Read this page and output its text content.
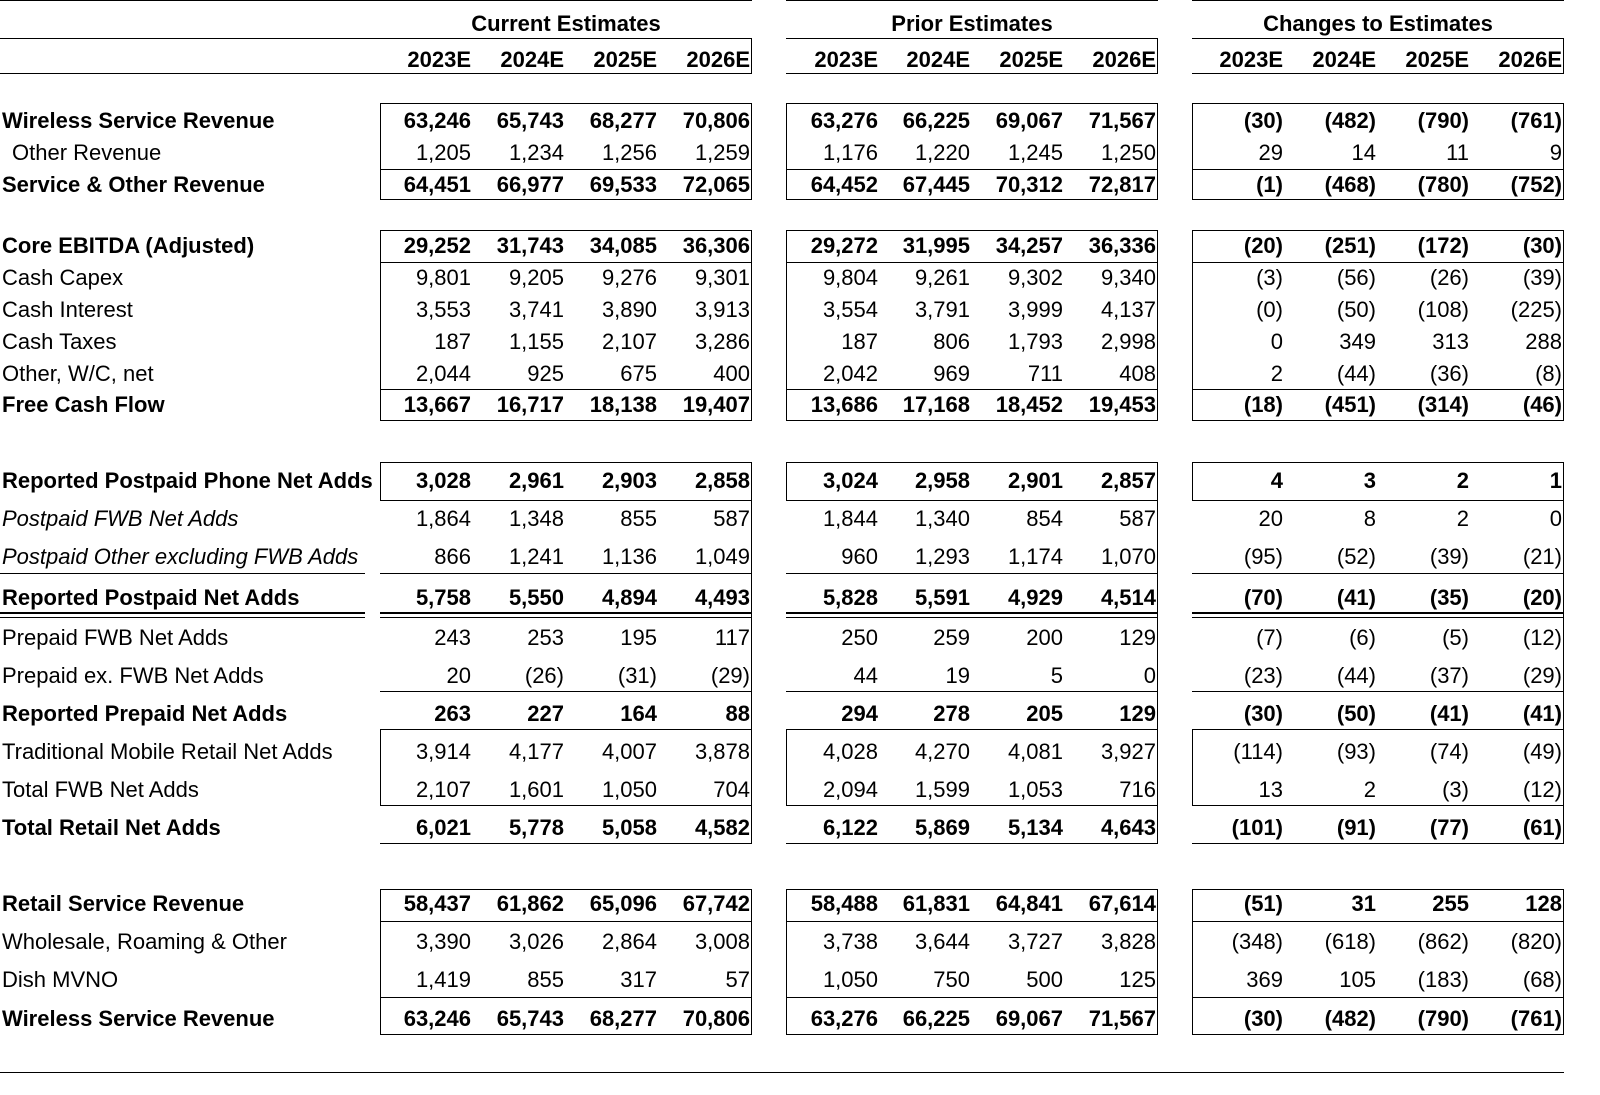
Current Estimates	Prior Estimates	Changes to Estimates
2023E	2024E	2025E	2026E	2023E	2024E	2025E	2026E	2023E	2024E	2025E	2026E
Wireless Service Revenue	63,246	65,743	68,277	70,806	63,276	66,225	69,067	71,567	(30)	(482)	(790)	(761)
Other Revenue	1,205	1,234	1,256	1,259	1,176	1,220	1,245	1,250	29	14	11	9
Service & Other Revenue	64,451	66,977	69,533	72,065	64,452	67,445	70,312	72,817	(1)	(468)	(780)	(752)
Core EBITDA (Adjusted)	29,252	31,743	34,085	36,306	29,272	31,995	34,257	36,336	(20)	(251)	(172)	(30)
Cash Capex	9,801	9,205	9,276	9,301	9,804	9,261	9,302	9,340	(3)	(56)	(26)	(39)
Cash Interest	3,553	3,741	3,890	3,913	3,554	3,791	3,999	4,137	(0)	(50)	(108)	(225)
Cash Taxes	187	1,155	2,107	3,286	187	806	1,793	2,998	0	349	313	288
Other, W/C, net	2,044	925	675	400	2,042	969	711	408	2	(44)	(36)	(8)
Free Cash Flow	13,667	16,717	18,138	19,407	13,686	17,168	18,452	19,453	(18)	(451)	(314)	(46)
Reported Postpaid Phone Net Adds	3,028	2,961	2,903	2,858	3,024	2,958	2,901	2,857	4	3	2	1
Postpaid FWB Net Adds	1,864	1,348	855	587	1,844	1,340	854	587	20	8	2	0
Postpaid Other excluding FWB Adds	866	1,241	1,136	1,049	960	1,293	1,174	1,070	(95)	(52)	(39)	(21)
Reported Postpaid Net Adds	5,758	5,550	4,894	4,493	5,828	5,591	4,929	4,514	(70)	(41)	(35)	(20)
Prepaid FWB Net Adds	243	253	195	117	250	259	200	129	(7)	(6)	(5)	(12)
Prepaid ex. FWB Net Adds	20	(26)	(31)	(29)	44	19	5	0	(23)	(44)	(37)	(29)
Reported Prepaid Net Adds	263	227	164	88	294	278	205	129	(30)	(50)	(41)	(41)
Traditional Mobile Retail Net Adds	3,914	4,177	4,007	3,878	4,028	4,270	4,081	3,927	(114)	(93)	(74)	(49)
Total FWB Net Adds	2,107	1,601	1,050	704	2,094	1,599	1,053	716	13	2	(3)	(12)
Total Retail Net Adds	6,021	5,778	5,058	4,582	6,122	5,869	5,134	4,643	(101)	(91)	(77)	(61)
Retail Service Revenue	58,437	61,862	65,096	67,742	58,488	61,831	64,841	67,614	(51)	31	255	128
Wholesale, Roaming & Other	3,390	3,026	2,864	3,008	3,738	3,644	3,727	3,828	(348)	(618)	(862)	(820)
Dish MVNO	1,419	855	317	57	1,050	750	500	125	369	105	(183)	(68)
Wireless Service Revenue	63,246	65,743	68,277	70,806	63,276	66,225	69,067	71,567	(30)	(482)	(790)	(761)
